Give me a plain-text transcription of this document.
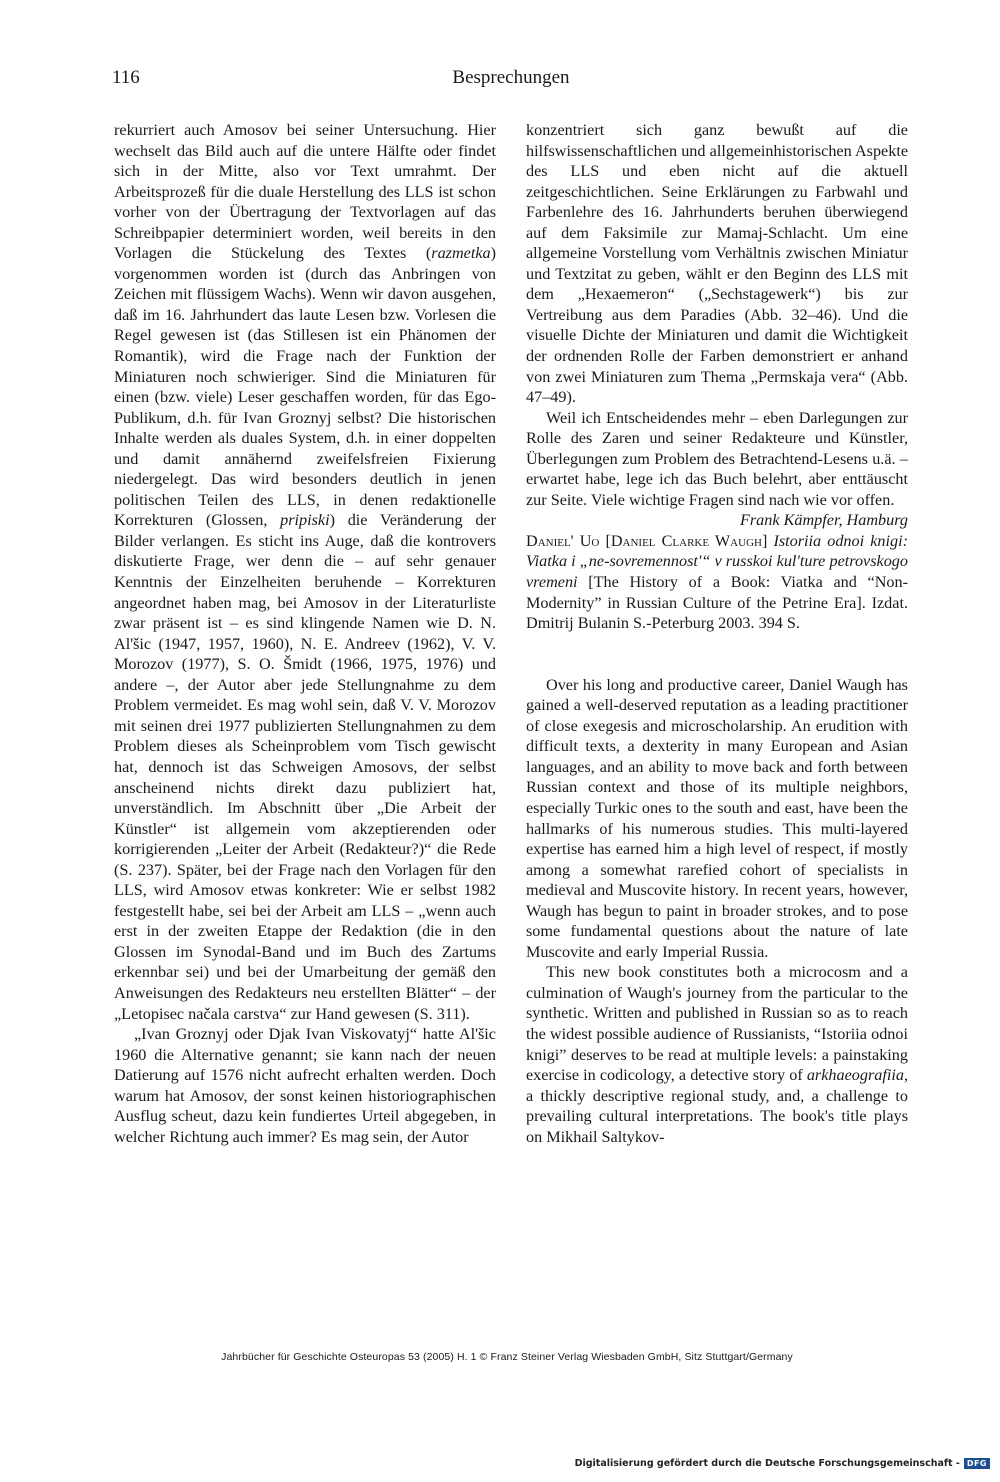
116	Besprechungen

rekurriert auch Amosov bei seiner Untersuchung. Hier wechselt das Bild auch auf die untere Hälfte oder findet sich in der Mitte, also vor Text umrahmt. Der Arbeitsprozeß für die duale Herstellung des LLS ist schon vorher von der Übertragung der Textvorlagen auf das Schreibpapier determiniert worden, weil bereits in den Vorlagen die Stückelung des Textes (razmetka) vorgenommen worden ist (durch das Anbringen von Zeichen mit flüssigem Wachs). Wenn wir davon ausgehen, daß im 16. Jahrhundert das laute Lesen bzw. Vorlesen die Regel gewesen ist (das Stillesen ist ein Phänomen der Romantik), wird die Frage nach der Funktion der Miniaturen noch schwieriger. Sind die Miniaturen für einen (bzw. viele) Leser geschaffen worden, für das Ego-Publikum, d.h. für Ivan Groznyj selbst? Die historischen Inhalte werden als duales System, d.h. in einer doppelten und damit annähernd zweifelsfreien Fixierung niedergelegt. Das wird besonders deutlich in jenen politischen Teilen des LLS, in denen redaktionelle Korrekturen (Glossen, pripiski) die Veränderung der Bilder verlangen. Es sticht ins Auge, daß die kontrovers diskutierte Frage, wer denn die – auf sehr genauer Kenntnis der Einzelheiten beruhende – Korrekturen angeordnet haben mag, bei Amosov in der Literaturliste zwar präsent ist – es sind klingende Namen wie D. N. Al'šic (1947, 1957, 1960), N. E. Andreev (1962), V. V. Morozov (1977), S. O. Šmidt (1966, 1975, 1976) und andere –, der Autor aber jede Stellungnahme zu dem Problem vermeidet. Es mag wohl sein, daß V. V. Morozov mit seinen drei 1977 publizierten Stellungnahmen zu dem Problem dieses als Scheinproblem vom Tisch gewischt hat, dennoch ist das Schweigen Amosovs, der selbst anscheinend nichts direkt dazu publiziert hat, unverständlich. Im Abschnitt über „Die Arbeit der Künstler“ ist allgemein vom akzeptierenden oder korrigierenden „Leiter der Arbeit (Redakteur?)“ die Rede (S. 237). Später, bei der Frage nach den Vorlagen für den LLS, wird Amosov etwas konkreter: Wie er selbst 1982 festgestellt habe, sei bei der Arbeit am LLS – „wenn auch erst in der zweiten Etappe der Redaktion (die in den Glossen im Synodal-Band und im Buch des Zartums erkennbar sei) und bei der Umarbeitung der gemäß den Anweisungen des Redakteurs neu erstellten Blätter“ – der „Letopisec načala carstva“ zur Hand gewesen (S. 311).

„Ivan Groznyj oder Djak Ivan Viskovatyj“ hatte Al'šic 1960 die Alternative genannt; sie kann nach der neuen Datierung auf 1576 nicht aufrecht erhalten werden. Doch warum hat Amosov, der sonst keinen historiographischen Ausflug scheut, dazu kein fundiertes Urteil abgegeben, in welcher Richtung auch immer? Es mag sein, der Autor

konzentriert sich ganz bewußt auf die hilfswissenschaftlichen und allgemeinhistorischen Aspekte des LLS und eben nicht auf die aktuell zeitgeschichtlichen. Seine Erklärungen zu Farbwahl und Farbenlehre des 16. Jahrhunderts beruhen überwiegend auf dem Faksimile zur Mamaj-Schlacht. Um eine allgemeine Vorstellung vom Verhältnis zwischen Miniatur und Textzitat zu geben, wählt er den Beginn des LLS mit dem „Hexaemeron“ („Sechstagewerk“) bis zur Vertreibung aus dem Paradies (Abb. 32–46). Und die visuelle Dichte der Miniaturen und damit die Wichtigkeit der ordnenden Rolle der Farben demonstriert er anhand von zwei Miniaturen zum Thema „Permskaja vera“ (Abb. 47–49).

Weil ich Entscheidendes mehr – eben Darlegungen zur Rolle des Zaren und seiner Redakteure und Künstler, Überlegungen zum Problem des Betrachtend-Lesens u.ä. – erwartet habe, lege ich das Buch belehrt, aber enttäuscht zur Seite. Viele wichtige Fragen sind nach wie vor offen.

Frank Kämpfer, Hamburg

Daniel' Uo [Daniel Clarke Waugh] Istoriia odnoi knigi: Viatka i „ne-sovremennost'“ v russkoi kul'ture petrovskogo vremeni [The History of a Book: Viatka and “Non-Modernity” in Russian Culture of the Petrine Era]. Izdat. Dmitrij Bulanin S.-Peterburg 2003. 394 S.

Over his long and productive career, Daniel Waugh has gained a well-deserved reputation as a leading practitioner of close exegesis and microscholarship. An erudition with difficult texts, a dexterity in many European and Asian languages, and an ability to move back and forth between Russian context and those of its multiple neighbors, especially Turkic ones to the south and east, have been the hallmarks of his numerous studies. This multi-layered expertise has earned him a high level of respect, if mostly among a somewhat rarefied cohort of specialists in medieval and Muscovite history. In recent years, however, Waugh has begun to paint in broader strokes, and to pose some fundamental questions about the nature of late Muscovite and early Imperial Russia.

This new book constitutes both a microcosm and a culmination of Waugh's journey from the particular to the synthetic. Written and published in Russian so as to reach the widest possible audience of Russianists, “Istoriia odnoi knigi” deserves to be read at multiple levels: a painstaking exercise in codicology, a detective story of arkhaeografiia, a thickly descriptive regional study, and, a challenge to prevailing cultural interpretations. The book's title plays on Mikhail Saltykov-

Jahrbücher für Geschichte Osteuropas 53 (2005) H. 1 © Franz Steiner Verlag Wiesbaden GmbH, Sitz Stuttgart/Germany
Digitalisierung gefördert durch die Deutsche Forschungsgemeinschaft - DFG
